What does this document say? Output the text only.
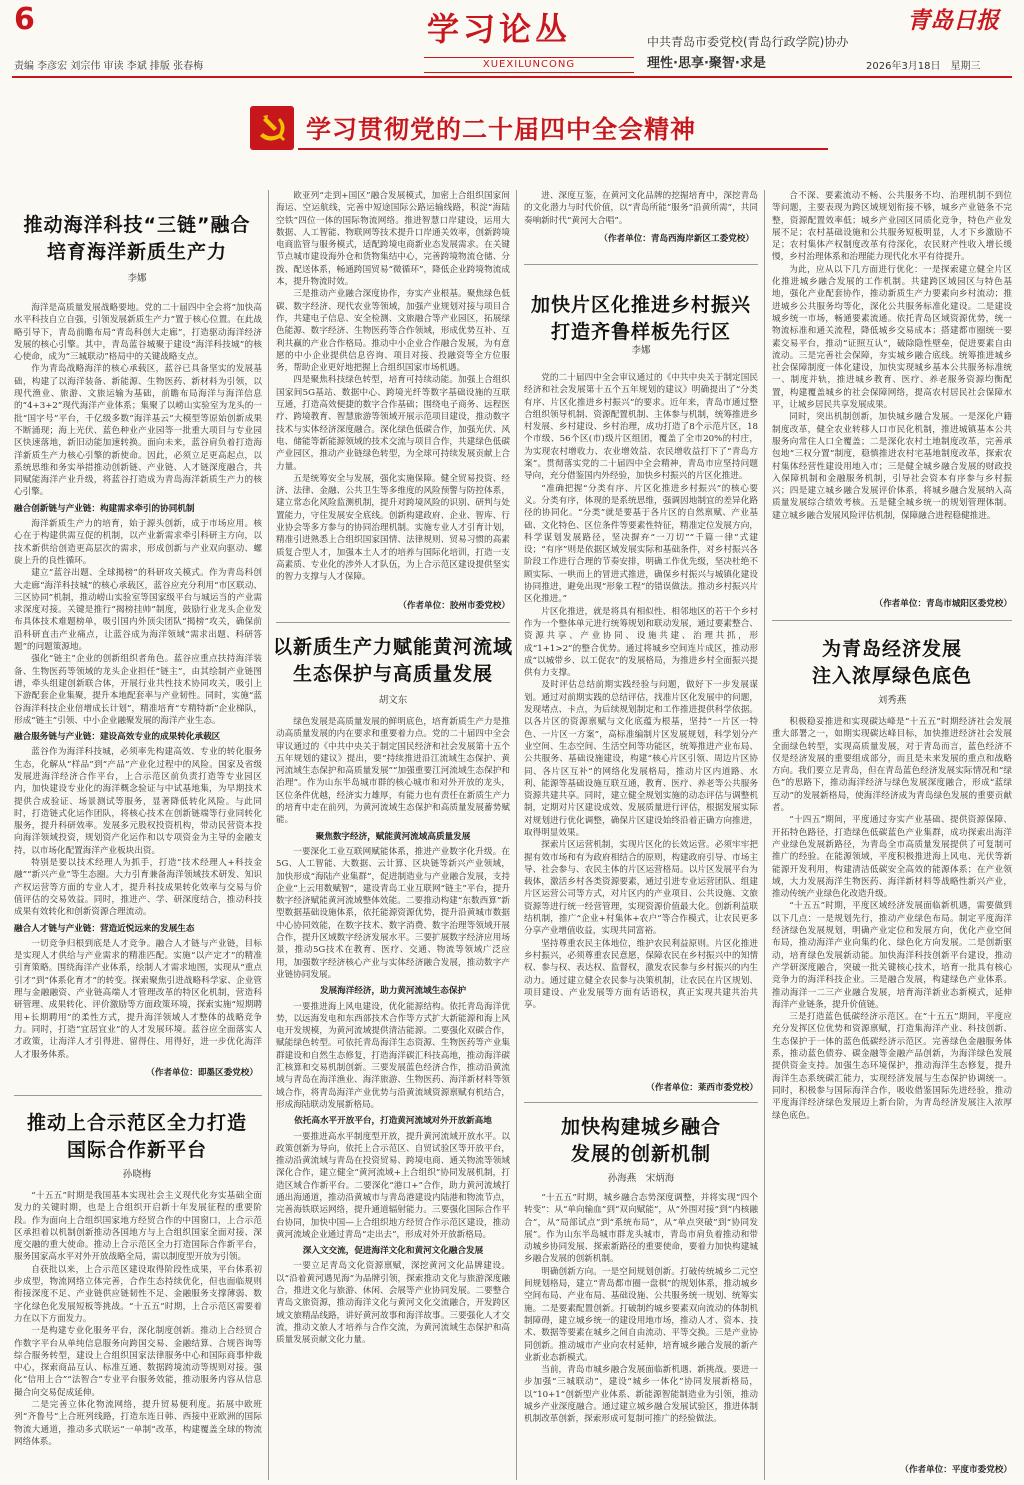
6
责编 李彦宏 刘宗伟 审读 李斌 排版 张春梅
学习论丛
XUEXILUNCONG
青岛日报
中共青岛市委党校(青岛行政学院)协办
理性·思享·聚智·求是	2026年3月18日　星期三
学习贯彻党的二十届四中全会精神
推动海洋科技“三链”融合
培育海洋新质生产力
李娜

海洋是高质量发展战略要地。党的二十届四中全会将“加快高水平科技自立自强，引领发展新质生产力”置于核心位置。在此战略引导下，青岛前瞻布局“青岛科创大走廊”，打造驱动海洋经济发展的核心引擎。其中，青岛蓝谷城聚于建设“海洋科技城”的核心使命，成为“三城联动”格局中的关键战略支点。

作为青岛战略海洋的核心承载区，蓝谷已具备坚实的发展基础，构建了以海洋装备、新能源、生物医药、新材料为引领，以现代渔业、旅游、文旅运输为基础，前瞻布局海洋与海洋信息的“4+3+2”现代海洋产业体系；集聚了以崂山实验室为龙头的一批“国字号”平台，千亿级多数“海洋基云”大模型等原始创新成果不断涌现；海上光伏、蓝色种业产业园等一批重大项目与专业园区快速落地，新旧动能加速转换。面向未来，蓝谷肩负着打造海洋新质生产力核心引擎的新使命。因此，必须立足更高起点，以系统思维和务实举措推动创新链、产业链、人才链深度融合，共同赋能海洋产业升级，将蓝谷打造成为青岛海洋新质生产力的核心引擎。

融合创新链与产业链：构建需求牵引的协同机制

海洋新质生产力的培育，始于源头创新，成于市场应用。核心在于构建供需互促的机制，以产业新需求牵引科研主方向，以技术新供给创造更高层次的需求，形成创新与产业双向驱动、螺旋上升的良性循环。

建立“蓝谷出题、全球揭榜”的科研攻关模式。作为青岛科创大走廊“海洋科技城”的核心承载区，蓝谷应充分利用“市区联动、三区协同”机制，推动崂山实验室等国家级平台与城运当的产业需求深度对接。关键是推行“揭榜挂帅”制度，鼓励行业龙头企业发布具体技术难题榜单，吸引国内外顶尖团队“揭榜”攻关，确保前沿科研直击产业痛点，让蓝谷成为海洋领域“需求出题、科研答题”的问题策源地。

强化“链主”企业的创新组织者角色。蓝谷应重点扶持海洋装备、生物医药等领域的龙头企业担任“链主”，由其绘制产业链图谱，牵头组建创新联合体，开展行业共性技术协同攻关，吸引上下游配套企业集聚，提升本地配套率与产业韧性。同时，实施“蓝谷海洋科技企业倍增成长计划”，精准培育“专精特新”企业梯队，形成“链主”引领、中小企业融聚发展的海洋产业生态。

融合服务链与产业链：建设高效专业的成果转化承载区

蓝谷作为海洋科技城，必须率先构建高效、专业的转化服务生态，化解从“样品”到“产品”产业化过程中的风险。国家及省级发展进海洋经济合作平台，上合示范区前负责打造等专业园区内，加快建设专业化的海洋概念验证与中试基地集，为早期技术提供合成验证、场景测试等服务，显著降低转化风险。与此同时，打造链式化运作团队，将核心技术在创新链端等行业同转化服务，提升科研效率。发展多元股权投资机构，带动民营资本投向海洋领域投资，规划资产化运作和以专项资金为主导的金融支持，以市场化配置海洋产业板块出资。

特别是要以技术经理人为抓手，打造“技术经理人+科技金融”“新兴产业”等生态圈。大力引育兼备海洋领域技术研发、知识产权运营等方面的专业人才，提升科技成果转化效率与交易与价值评估的交易效益。同时，推进产、学、研深度结合，推动科技成果有效转化和创新资源合理流动。

融合人才链与产业链：营造近悦远来的发展生态

一切竞争归根到底是人才竞争。融合人才链与产业链，目标是实现人才供给与产业需求的精准匹配。实施“以产定才”的精准引育策略。围绕海洋产业体系，绘制人才需求地图，实现从“重点引才”到“体系化育才”的转变。探索聚焦引进战略科学家、企业管理与金融融资、产业链高端人才管理改革的特区化机制，营造科研管理、成果转化、评价激励等方面政策环境，探索实施“短期聘用+长期聘用”的柔性方式，提升海洋领域人才整体的战略竞争力。同时，打造“宜居宜业”的人才发展环境。蓝谷应全面落实人才政策，让海洋人才引得进、留得住、用得好，进一步优化海洋人才服务体系。

（作者单位：即墨区委党校）

推动上合示范区全力打造
国际合作新平台
孙晓梅

“十五五”时期是我国基本实现社会主义现代化夯实基础全面发力的关键时期，也是上合组织开启新十年发展征程的重要阶段。作为面向上合组织国家地方经贸合作的中国窗口，上合示范区承担着以机制创新推动各国地方与上合组织国家全面对接、深度交融的重大使命。推动上合示范区全力打造国际合作新平台，服务国家高水平对外开放战略全局，需以制度型开放为引领。

自获批以来，上合示范区建设取得阶段性成果，平台体系初步成型，物流网络立体完善，合作生态持续优化，但也面临规则衔接深度不足、产业链供应链韧性不足、金融服务支撑薄弱、数字化绿色化发展短板等挑战。“十五五”时期，上合示范区需要着力在以下方面发力。

一是构建专业化服务平台，深化制度创新。推动上合经贸合作数字平台从单纯信息服务向跨国交易、金融结算、合规咨询等综合服务转型，建设上合组织国家法律服务中心和国际商事仲裁中心，探索商品互认、标准互通、数据跨境流动等规则对接。强化“信用上合”“法智合”专业平台服务效能，推动服务内容从信息撮合向交易促成延伸。

二是完善立体化物流网络，提升贸易便利度。拓展中欧班列“齐鲁号”上合班列线路，打造东连日韩、西接中亚欧洲的国际物流大通道，推动多式联运“一单制”改革，构建覆盖全球的物流网络体系。

欧亚列“走到+国区”融合发展模式，加密上合组织国家间海运、空运航线，完善中短途国际公路运输线路，积淀“海陆空铁”四位一体的国际物流网络。推进智慧口岸建设，运用大数据、人工智能、物联网等技术提升口岸通关效率，创新跨境电商监管与服务模式，适配跨境电商新业态发展需求。在关键节点城市建设海外仓和货物集结中心，完善跨境物流仓储、分拨、配送体系，畅通跨国贸易“微循环”，降低企业跨境物流成本，提升物流时效。

三是推动产业融合深度协作，夯实产业根基。聚焦绿色低碳、数字经济、现代农业等领域，加强产业规划对接与项目合作，共建电子信息、安全检测、文旅融合等产业园区，拓展绿色能源、数字经济、生物医药等合作领域，形成优势互补、互利共赢的产业合作格局。推动中小企业合作融合发展，为有意愿的中小企业提供信息咨询、项目对接、投融资等全方位服务，帮助企业更好地把握上合组织国家市场机遇。

四是聚焦科技绿色转型，培育可持续动能。加强上合组织国家间5G基站、数据中心、跨境光纤等数字基础设施的互联互通，打造高效便捷的数字合作基础；围绕电子商务、远程医疗、跨境教育、智慧旅游等领域开展示范项目建设，推动数字技术与实体经济深度融合。深化绿色低碳合作，加强光伏、风电、储能等新能源领域的技术交流与项目合作，共建绿色低碳产业园区，推动产业链绿色转型，为全球可持续发展贡献上合力量。

五是统筹安全与发展，强化实施保障。健全贸易投资、经济、法律、金融、公共卫生等多维度的风险预警与防控体系，建立常态化风险监测机制，提升对跨境风险的识别、研判与处置能力，守住发展安全底线。创新构建政府、企业、智库、行业协会等多方参与的协同治理机制。实施专业人才引育计划，精准引进熟悉上合组织国家国情、法律规则、贸易习惯的高素质复合型人才，加强本土人才的培养与国际化培训，打造一支高素质、专业化的涉外人才队伍，为上合示范区建设提供坚实的智力支撑与人才保障。

（作者单位：胶州市委党校）

以新质生产力赋能黄河流域
生态保护与高质量发展
胡文东

绿色发展是高质量发展的鲜明底色，培育新质生产力是推动高质量发展的内在要求和重要着力点。党的二十届四中全会审议通过的《中共中央关于制定国民经济和社会发展第十五个五年规划的建议》提出，要“持续推进沿江流域生态保护、黄河流域生态保护和高质量发展”“加强重要江河流域生态保护和治理”。作为山东半岛城市群的核心城市和对外开放的龙头，区位条件优越，经济实力雄厚，有能力也有责任在新质生产力的培育中走在前列，为黄河流域生态保护和高质量发展蓄势赋能。

聚焦数字经济，赋能黄河流域高质量发展

一要深化工业互联网赋能体系，推进产业数字化升级。在5G、人工智能、大数据、云计算、区块链等新兴产业领域，加快形成“海陆产业集群”，促进制造业与产业融合发展，支持企业“上云用数赋智”，建设青岛工业互联网“链主”平台，提升数字经济赋能黄河流域整体效能。二要推动构建“东数西算”新型数据基础设施体系，依托能源资源优势，提升沿黄城市数据中心协同效能，在数字技术、数字消费、数字治理等领域开展合作，提升区域数字经济发展水平。三要扩展数字经济应用场景，推动5G技术在教育、医疗、交通、物流等领域广泛应用，加强数字经济核心产业与实体经济融合发展，推动数字产业链协同发展。

发展海洋经济，助力黄河流域生态保护

一要推进海上风电建设，优化能源结构。依托青岛海洋优势，以远海发电和东西部技术合作等方式扩大新能源和海上风电开发规模，为黄河流域提供清洁能源。二要强化双碳合作，赋能绿色转型。可依托青岛海洋生态资源、生物医药等产业集群建设和自然生态修复，打造海洋碳汇科技高地，推动海洋碳汇核算和交易机制创新。三要发展蓝色经济合作，推动沿黄流域与青岛在海洋渔业、海洋旅游、生物医药、海洋新材料等领域合作，将青岛海洋产业优势与沿黄流域资源禀赋有机结合，形成海陆联动发展新格局。

依托高水平开放平台，打造黄河流域对外开放新高地

一要推进高水平制度型开放，提升黄河流域开放水平。以政策创新为导向，依托上合示范区、自贸试验区等开放平台，推动沿黄流域与青岛在投资贸易、跨境电商、通关物流等领域深化合作，建立健全“黄河流域+上合组织”协同发展机制，打造区域合作新平台。二要深化“港口+”合作，助力黄河流域打通出海通道，推动沿黄城市与青岛港建设内陆港和物流节点，完善海铁联运网络，提升通道辐射能力。三要强化国际合作平台协同，加快中国—上合组织地方经贸合作示范区建设，推动黄河流域企业通过青岛“走出去”，形成对外开放新格局。

深入文交流，促进海洋文化和黄河文化融合发展

一要立足青岛文化资源禀赋，深挖黄河文化品牌建设。以“沿着黄河遇见海”为品牌引领，探索推动文化与旅游深度融合，推进文化与旅游、休闲、会展等产业协同发展。二要整合青岛文旅资源，推动海洋文化与黄河文化交流融合，开发跨区域文旅精品线路，讲好黄河故事和海洋故事。三要强化人才交流，推动文旅人才培养与合作交流，为黄河流域生态保护和高质量发展贡献文化力量。

进、深度互鉴，在黄河文化品牌的挖掘培育中，深挖青岛的文化潜力与时代价值，以“青岛所能”服务“沿黄所需”，共同奏响新时代“黄河大合唱”。

（作者单位：青岛西海岸新区工委党校）

加快片区化推进乡村振兴
打造齐鲁样板先行区
李娜

党的二十届四中全会审议通过的《中共中央关于制定国民经济和社会发展第十五个五年规划的建议》明确提出了“分类有序、片区化推进乡村振兴”的要求。近年来，青岛市通过整合组织领导机制、资源配置机制、主体参与机制，统筹推进乡村发展、乡村建设、乡村治理，成功打造了8个示范片区，18个市级、56个区(市)级片区组团，覆盖了全市20%的村庄，为实现农村增收力、农业增效益、农民增收益打下了“青岛方案”。贯彻落实党的二十届四中全会精神，青岛市应坚持问题导向，充分借鉴国内外经验，加快乡村振兴的片区化推进。

“准确把握“分类有序、片区化推进乡村振兴”的核心要义。分类有序，体现的是系统思维，强调因地制宜的差异化路径的协同化。“分类”就是要基于各片区的自然禀赋、产业基础、文化特色、区位条件等要素性特征，精准定位发展方向，科学谋划发展路径，坚决摒弃“一刀切”“千篇一律”式建设；“有序”则是依据区域发展实际和基础条件，对乡村振兴各阶段工作进行合理的节奏安排，明确工作优先级，坚决杜绝不顾实际、一哄而上的冒进式推进，确保乡村振兴与城镇化建设协同推进，避免出现“形象工程”的错误做法。推动乡村振兴片区化推进。”

片区化推进，就是将具有相似性、相邻地区的若干个乡村作为一个整体单元进行统筹规划和联动发展，通过要素整合、资源共享、产业协同、设施共建、治理共抓，形成“1+1>2”的整合优势。通过将城乡空间连片成区，推动形成“以城带乡、以工促农”的发展格局，为推进乡村全面振兴提供有力支撑。

及时评估总结前期实践经验与问题，做好下一步发展谋划。通过对前期实践的总结评估，找准片区化发展中的问题，发现堵点、卡点，为后续规划制定和工作推进提供科学依据。以各片区的资源禀赋与文化底蕴为根基，坚持“一片区一特色、一片区一方案”，高标准编制片区发展规划，科学划分产业空间、生态空间、生活空间等功能区，统筹推进产业布局、公共服务、基础设施建设，构建“核心片区引领、周边片区协同、各片区互补”的网络化发展格局，推动片区内道路、水利、能源等基础设施互联互通，教育、医疗、养老等公共服务资源共建共享。同时，建立健全规划实施的动态评估与调整机制，定期对片区建设成效、发展质量进行评估，根据发展实际对规划进行优化调整，确保片区建设始终沿着正确方向推进，取得明显效果。

探索片区运营机制，实现片区化的长效运营。必须牢牢把握有效市场和有为政府相结合的原则，构建政府引导、市场主导、社会参与、农民主体的片区运营格局。以片区发展平台为载体，激活乡村各类资源要素，通过引进专业运营团队、组建片区运营公司等方式，对片区内的产业项目、公共设施、文旅资源等进行统一经营管理，实现资源价值最大化。创新利益联结机制，推广“企业+村集体+农户”等合作模式，让农民更多分享产业增值收益，实现共同富裕。

坚持尊重农民主体地位，维护农民利益原则。片区化推进乡村振兴，必须尊重农民意愿，保障农民在乡村振兴中的知情权、参与权、表达权、监督权，激发农民参与乡村振兴的内生动力。通过建立健全农民参与决策机制，让农民在片区规划、项目建设、产业发展等方面有话语权，真正实现共建共治共享。

（作者单位：莱西市委党校）

加快构建城乡融合
发展的创新机制
孙海燕　宋炳海

“十五五”时期，城乡融合态势深度调整，并将实现“四个转变”：从“单向输血”到“双向赋能”，从“外围对接”到“内核融合”，从“局部试点”到“系统布局”，从“单点突破”到“协同发展”。作为山东半岛城市群龙头城市，青岛市肩负着推动和带动城乡协同发展、探索新路径的重要使命，要着力加快构建城乡融合发展的创新机制。

明确创新方向。一是空间规划创新。打破传统城乡二元空间规划格局，建立“青岛都市圈一盘棋”的规划体系，推动城乡空间布局、产业布局、基础设施、公共服务统一规划、统筹实施。二是要素配置创新。打破制约城乡要素双向流动的体制机制障碍，建立城乡统一的建设用地市场，推动人才、资本、技术、数据等要素在城乡之间自由流动、平等交换。三是产业协同创新。推动城市产业向农村延伸，培育城乡融合发展的新产业新业态新模式。

当前，青岛市城乡融合发展面临新机遇、新挑战。要进一步加强“三城联动”，建设“城乡一体化”协同发展新格局，以“10+1”创新型产业体系、新能源智能制造业为引领，推动城乡产业深度融合。通过建立城乡融合发展试验区，推进体制机制改革创新，探索形成可复制可推广的经验做法。

合不深、要素流动不畅、公共服务不均、治理机制不到位等问题，主要表现为跨区域规划衔接不够，城乡产业链条不完整，资源配置效率低；城乡产业园区同质化竞争，特色产业发展不足；农村基础设施和公共服务短板明显，人才下乡激励不足；农村集体产权制度改革有待深化，农民财产性收入增长缓慢，乡村治理体系和治理能力现代化水平有待提升。

为此，应从以下几方面进行优化：一是探索建立健全片区化推进城乡融合发展的工作机制。共建跨区域园区与特色基地，强化产业配套协作，推动新质生产力要素向乡村流动；推进城乡公共服务均等化，深化公共服务标准化建设。二是建设城乡统一市场，畅通要素流通。依托青岛区域资源优势，统一物流标准和通关流程，降低城乡交易成本；搭建都市圈统一要素交易平台，推动“证照互认”，破除隐性壁垒，促进要素自由流动。三是完善社会保障，夯实城乡融合底线。统筹推进城乡社会保障制度一体化建设，加快实现城乡基本公共服务标准统一、制度并轨，推进城乡教育、医疗、养老服务资源均衡配置，构建覆盖城乡的社会保障网络，提高农村居民社会保障水平，让城乡居民共享发展成果。

同时，突出机制创新，加快城乡融合发展。一是深化户籍制度改革，健全农业转移人口市民化机制，推进城镇基本公共服务向常住人口全覆盖；二是深化农村土地制度改革，完善承包地“三权分置”制度，稳慎推进农村宅基地制度改革，探索农村集体经营性建设用地入市；三是健全城乡融合发展的财政投入保障机制和金融服务机制，引导社会资本有序参与乡村振兴；四是建立城乡融合发展评价体系，将城乡融合发展纳入高质量发展综合绩效考核。五是健全城乡统一的规划管理体制。建立城乡融合发展风险评估机制，保障融合进程稳健推进。

（作者单位：青岛市城阳区委党校）

为青岛经济发展
注入浓厚绿色底色
刘秀燕

积极稳妥推进和实现碳达峰是“十五五”时期经济社会发展重大部署之一，如期实现碳达峰目标，加快推进经济社会发展全面绿色转型，实现高质量发展，对于青岛而言，蓝色经济不仅是经济发展的重要组成部分，而且是未来发展的重点和战略方向。我们要立足青岛，但在青岛蓝色经济发展实际情况和“绿色”的思路下，推动海洋经济与绿色发展深度融合，形成“蓝绿互动”的发展新格局，使海洋经济成为青岛绿色发展的重要贡献者。

“十四五”期间，平度通过夯实产业基础、提供资源保障、开拓特色路径，打造绿色低碳蓝色产业集群，成功探索出海洋产业绿色发展新路径，为青岛全市高质量发展提供了可复制可推广的经验。在能源领域，平度积极推进海上风电、光伏等新能源开发利用，构建清洁低碳安全高效的能源体系；在产业领域，大力发展海洋生物医药、海洋新材料等战略性新兴产业，推动传统产业绿色化改造升级。

“十五五”时期，平度区域经济发展面临新机遇，需要做到以下几点：一是规划先行，推动产业绿色布局。制定平度海洋经济绿色发展规划，明确产业定位和发展方向，优化产业空间布局，推动海洋产业向集约化、绿色化方向发展。二是创新驱动，培育绿色发展新动能。加快海洋科技创新平台建设，推动产学研深度融合，突破一批关键核心技术，培育一批具有核心竞争力的海洋科技企业。三是融合发展，构建绿色产业体系。推动海洋一二三产业融合发展，培育海洋新业态新模式，延伸海洋产业链条，提升价值链。

三是打造蓝色低碳经济示范区。在“十五五”期间，平度应充分发挥区位优势和资源禀赋，打造集海洋产业、科技创新、生态保护于一体的蓝色低碳经济示范区。完善绿色金融服务体系，推动蓝色债券、碳金融等金融产品创新，为海洋绿色发展提供资金支持。加强生态环境保护，推动海洋生态修复，提升海洋生态系统碳汇能力，实现经济发展与生态保护协调统一。同时，积极参与国际海洋合作，吸收借鉴国际先进经验，推动平度海洋经济绿色发展迈上新台阶，为青岛经济发展注入浓厚绿色底色。

（作者单位：平度市委党校）
